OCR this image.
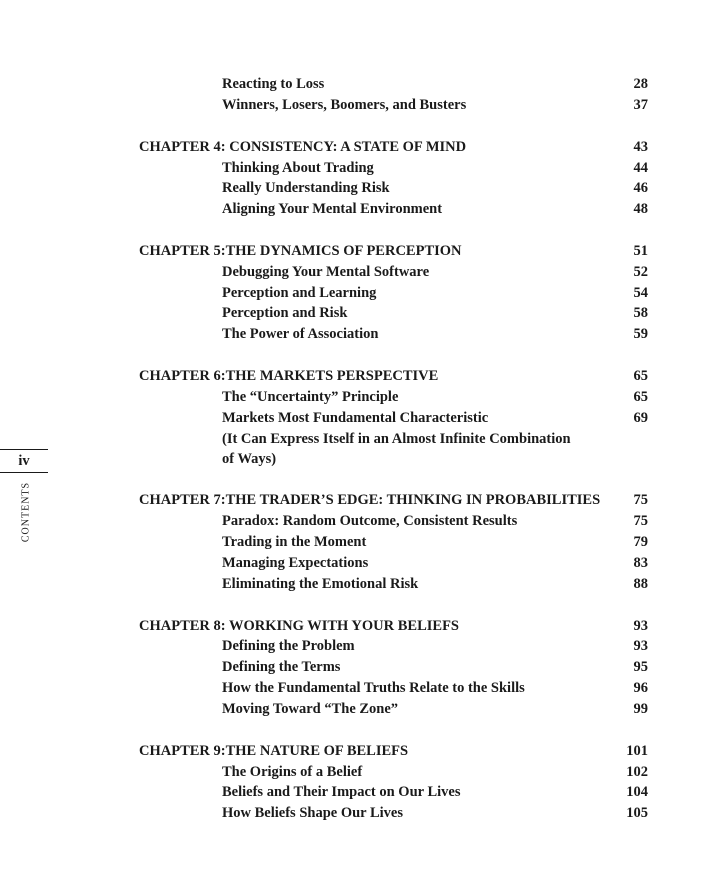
iv
CONTENTS
Reacting to Loss	28
Winners, Losers, Boomers, and Busters	37
CHAPTER 4: CONSISTENCY: A STATE OF MIND	43
Thinking About Trading	44
Really Understanding Risk	46
Aligning Your Mental Environment	48
CHAPTER 5:THE DYNAMICS OF PERCEPTION	51
Debugging Your Mental Software	52
Perception and Learning	54
Perception and Risk	58
The Power of Association	59
CHAPTER 6:THE MARKETS PERSPECTIVE	65
The “Uncertainty” Principle	65
Markets Most Fundamental Characteristic	69
(It Can Express Itself in an Almost Infinite Combination
of Ways)
CHAPTER 7:THE TRADER’S EDGE: THINKING IN PROBABILITIES	75
Paradox: Random Outcome, Consistent Results	75
Trading in the Moment	79
Managing Expectations	83
Eliminating the Emotional Risk	88
CHAPTER 8: WORKING WITH YOUR BELIEFS	93
Defining the Problem	93
Defining the Terms	95
How the Fundamental Truths Relate to the Skills	96
Moving Toward “The Zone”	99
CHAPTER 9:THE NATURE OF BELIEFS	101
The Origins of a Belief	102
Beliefs and Their Impact on Our Lives	104
How Beliefs Shape Our Lives	105
